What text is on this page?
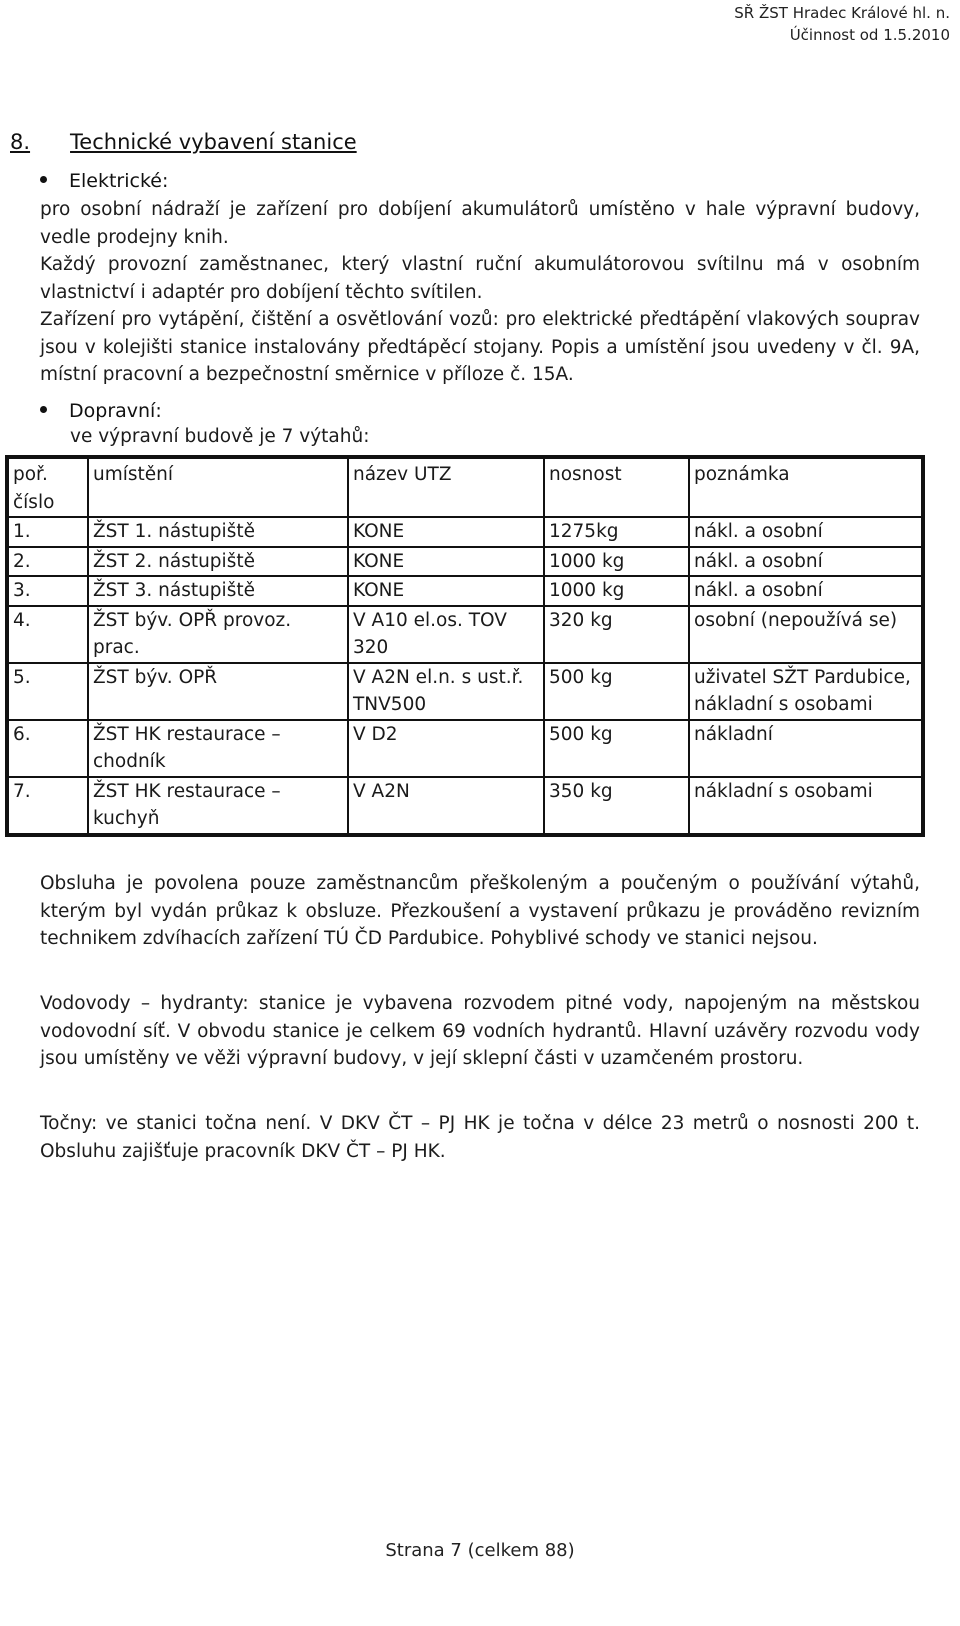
SŘ ŽST Hradec Králové hl. n.
Účinnost od 1.5.2010
8. Technické vybavení stanice
Elektrické:

pro osobní nádraží je zařízení pro dobíjení akumulátorů umístěno v hale výpravní budovy, vedle prodejny knih.

Každý provozní zaměstnanec, který vlastní ruční akumulátorovou svítilnu má v osobním vlastnictví i adaptér pro dobíjení těchto svítilen.

Zařízení pro vytápění, čištění a osvětlování vozů: pro elektrické předtápění vlakových souprav jsou v kolejišti stanice instalovány předtápěcí stojany. Popis a umístění jsou uvedeny v čl. 9A, místní pracovní a bezpečnostní směrnice v příloze č. 15A.

Dopravní:
ve výpravní budově je 7 výtahů:
poř. číslo	umístění	název UTZ	nosnost	poznámka
1.	ŽST 1. nástupiště	KONE	1275kg	nákl. a osobní
2.	ŽST 2. nástupiště	KONE	1000 kg	nákl. a osobní
3.	ŽST 3. nástupiště	KONE	1000 kg	nákl. a osobní
4.	ŽST býv. OPŘ provoz. prac.	V A10 el.os. TOV 320	320 kg	osobní (nepoužívá se)
5.	ŽST býv. OPŘ	V A2N el.n. s ust.ř. TNV500	500 kg	uživatel SŽT Pardubice, nákladní s osobami
6.	ŽST HK restaurace – chodník	V D2	500 kg	nákladní
7.	ŽST HK restaurace – kuchyň	V A2N	350 kg	nákladní s osobami
Obsluha je povolena pouze zaměstnancům přeškoleným a poučeným o používání výtahů, kterým byl vydán průkaz k obsluze. Přezkoušení a vystavení průkazu je prováděno revizním technikem zdvíhacích zařízení TÚ ČD Pardubice. Pohyblivé schody ve stanici nejsou.
Vodovody – hydranty: stanice je vybavena rozvodem pitné vody, napojeným na městskou vodovodní síť. V obvodu stanice je celkem 69 vodních hydrantů. Hlavní uzávěry rozvodu vody jsou umístěny ve věži výpravní budovy, v její sklepní části v uzamčeném prostoru.
Točny: ve stanici točna není. V DKV ČT – PJ HK je točna v délce 23 metrů o nosnosti 200 t. Obsluhu zajišťuje pracovník DKV ČT – PJ HK.
Strana 7 (celkem 88)
